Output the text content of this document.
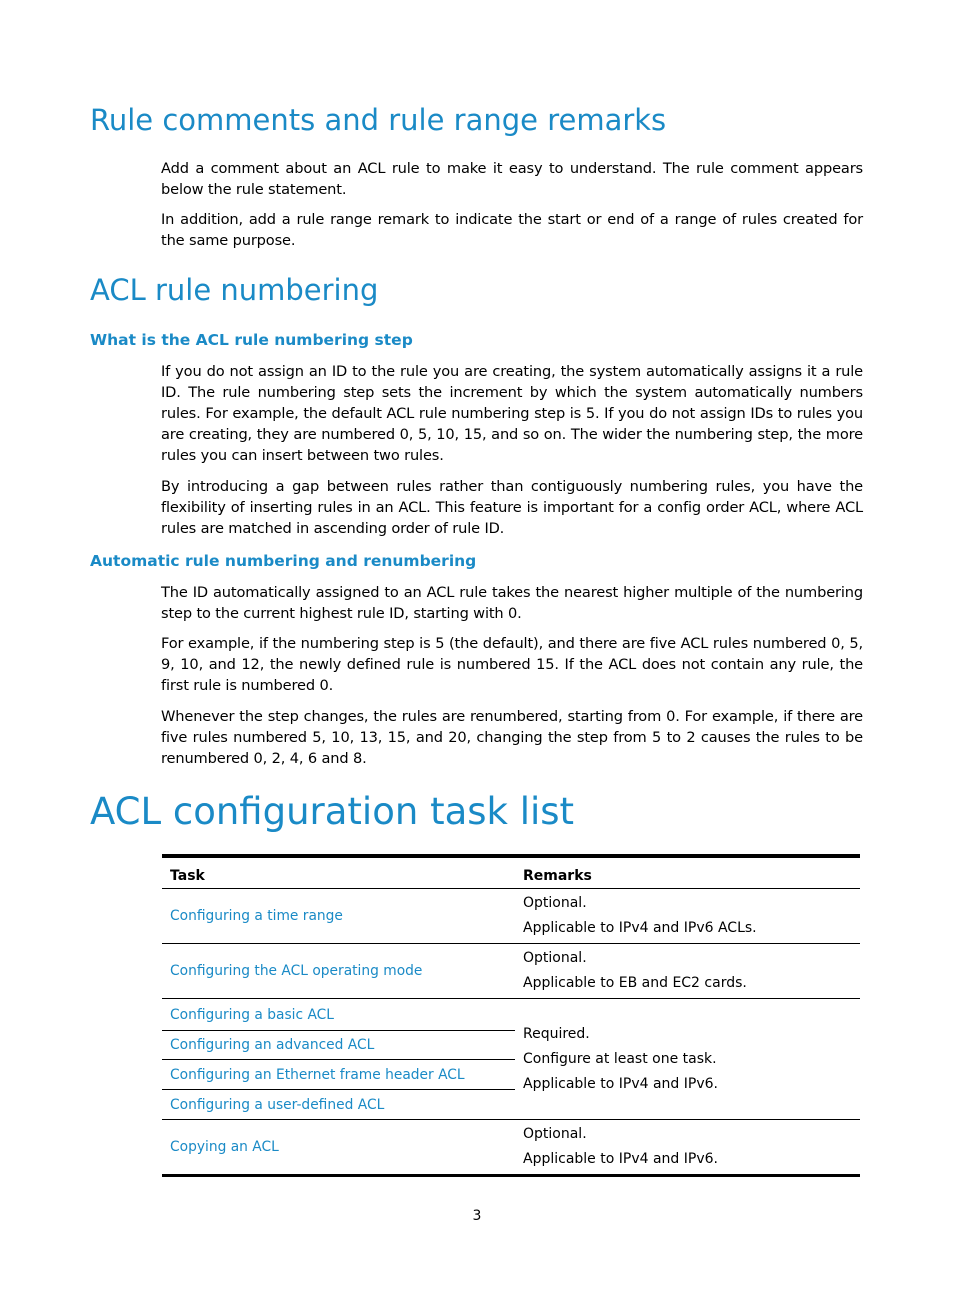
Rule comments and rule range remarks

Add a comment about an ACL rule to make it easy to understand. The rule comment appears below the rule statement.

In addition, add a rule range remark to indicate the start or end of a range of rules created for the same purpose.

ACL rule numbering
What is the ACL rule numbering step

If you do not assign an ID to the rule you are creating, the system automatically assigns it a rule ID. The rule numbering step sets the increment by which the system automatically numbers rules. For example, the default ACL rule numbering step is 5. If you do not assign IDs to rules you are creating, they are numbered 0, 5, 10, 15, and so on. The wider the numbering step, the more rules you can insert between two rules.

By introducing a gap between rules rather than contiguously numbering rules, you have the flexibility of inserting rules in an ACL. This feature is important for a config order ACL, where ACL rules are matched in ascending order of rule ID.

Automatic rule numbering and renumbering

The ID automatically assigned to an ACL rule takes the nearest higher multiple of the numbering step to the current highest rule ID, starting with 0.

For example, if the numbering step is 5 (the default), and there are five ACL rules numbered 0, 5, 9, 10, and 12, the newly defined rule is numbered 15. If the ACL does not contain any rule, the first rule is numbered 0.

Whenever the step changes, the rules are renumbered, starting from 0. For example, if there are five rules numbered 5, 10, 13, 15, and 20, changing the step from 5 to 2 causes the rules to be renumbered 0, 2, 4, 6 and 8.

ACL configuration task list
Task	Remarks
Configuring a time range	Optional.
Applicable to IPv4 and IPv6 ACLs.

Configuring the ACL operating mode	Optional.
Applicable to EB and EC2 cards.

Configuring a basic ACL	Required.
Configure at least one task.
Applicable to IPv4 and IPv6.

Configuring an advanced ACL	
Configuring an Ethernet frame header ACL	
Configuring a user-defined ACL	
Copying an ACL	Optional.
Applicable to IPv4 and IPv6.
3
